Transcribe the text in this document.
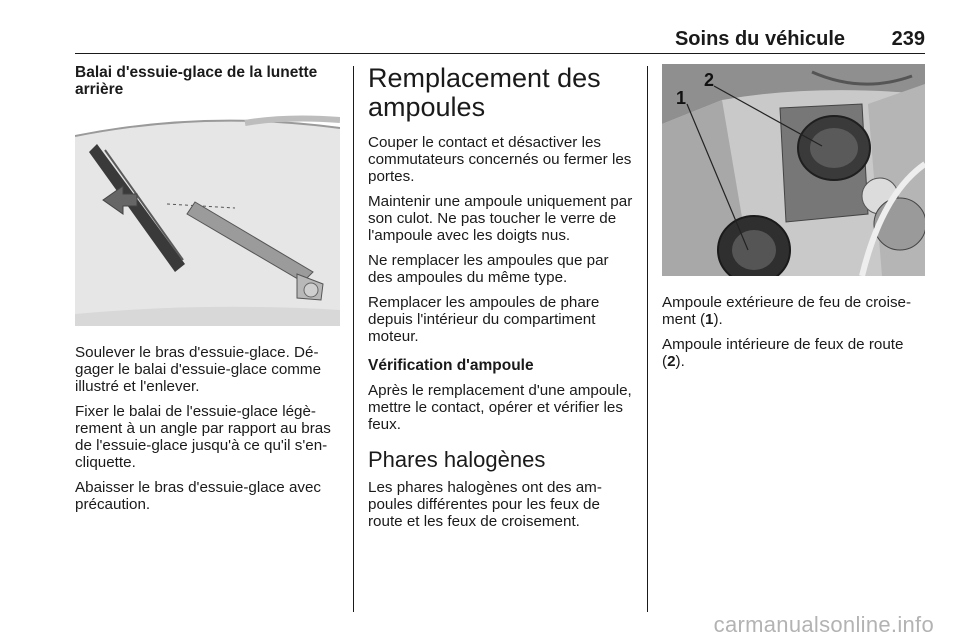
Soins du véhicule 239
Balai d'essuie-glace de la lunette arrière

Soulever le bras d'essuie-glace. Dégager le balai d'essuie-glace comme illustré et l'enlever.

Fixer le balai de l'essuie-glace légèrement à un angle par rapport au bras de l'essuie-glace jusqu'à ce qu'il s'encliquette.

Abaisser le bras d'essuie-glace avec précaution.

Remplacement des ampoules

Couper le contact et désactiver les commutateurs concernés ou fermer les portes.

Maintenir une ampoule uniquement par son culot. Ne pas toucher le verre de l'ampoule avec les doigts nus.

Ne remplacer les ampoules que par des ampoules du même type.

Remplacer les ampoules de phare depuis l'intérieur du compartiment moteur.

Vérification d'ampoule

Après le remplacement d'une ampoule, mettre le contact, opérer et vérifier les feux.

Phares halogènes

Les phares halogènes ont des ampoules différentes pour les feux de route et les feux de croisement.

1
2

Ampoule extérieure de feu de croisement (1).

Ampoule intérieure de feux de route (2).

carmanualsonline.info
